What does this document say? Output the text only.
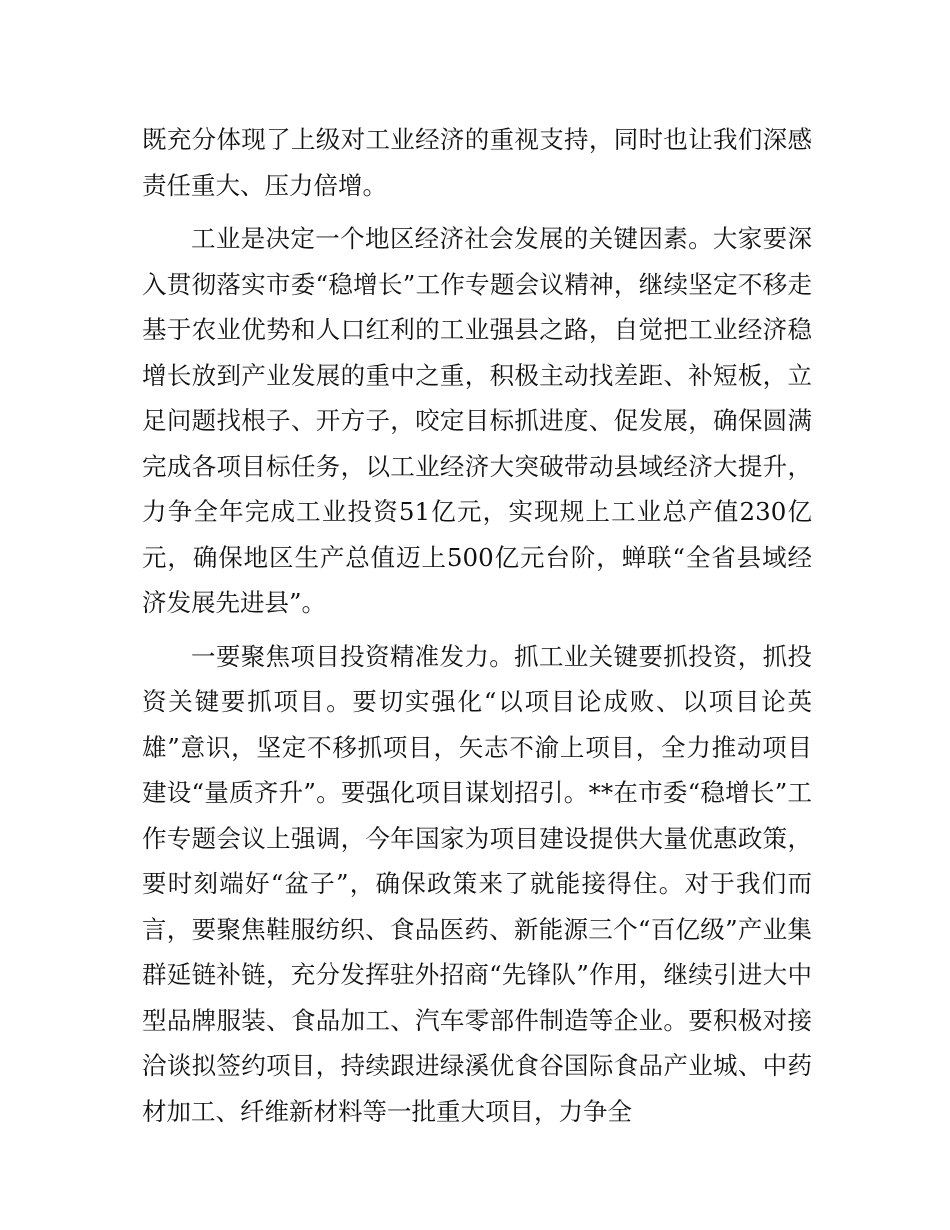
既充分体现了上级对工业经济的重视支持，同时也让我们深感责任重大、压力倍增。

工业是决定一个地区经济社会发展的关键因素。大家要深入贯彻落实市委“稳增长”工作专题会议精神，继续坚定不移走基于农业优势和人口红利的工业强县之路，自觉把工业经济稳增长放到产业发展的重中之重，积极主动找差距、补短板，立足问题找根子、开方子，咬定目标抓进度、促发展，确保圆满完成各项目标任务，以工业经济大突破带动县域经济大提升，力争全年完成工业投资51亿元，实现规上工业总产值230亿元，确保地区生产总值迈上500亿元台阶，蝉联“全省县域经济发展先进县”。

一要聚焦项目投资精准发力。抓工业关键要抓投资，抓投资关键要抓项目。要切实强化“以项目论成败、以项目论英雄”意识，坚定不移抓项目，矢志不渝上项目，全力推动项目建设“量质齐升”。要强化项目谋划招引。**在市委“稳增长”工作专题会议上强调，今年国家为项目建设提供大量优惠政策，要时刻端好“盆子”，确保政策来了就能接得住。对于我们而言，要聚焦鞋服纺织、食品医药、新能源三个“百亿级”产业集群延链补链，充分发挥驻外招商“先锋队”作用，继续引进大中型品牌服装、食品加工、汽车零部件制造等企业。要积极对接洽谈拟签约项目，持续跟进绿溪优食谷国际食品产业城、中药材加工、纤维新材料等一批重大项目，力争全
